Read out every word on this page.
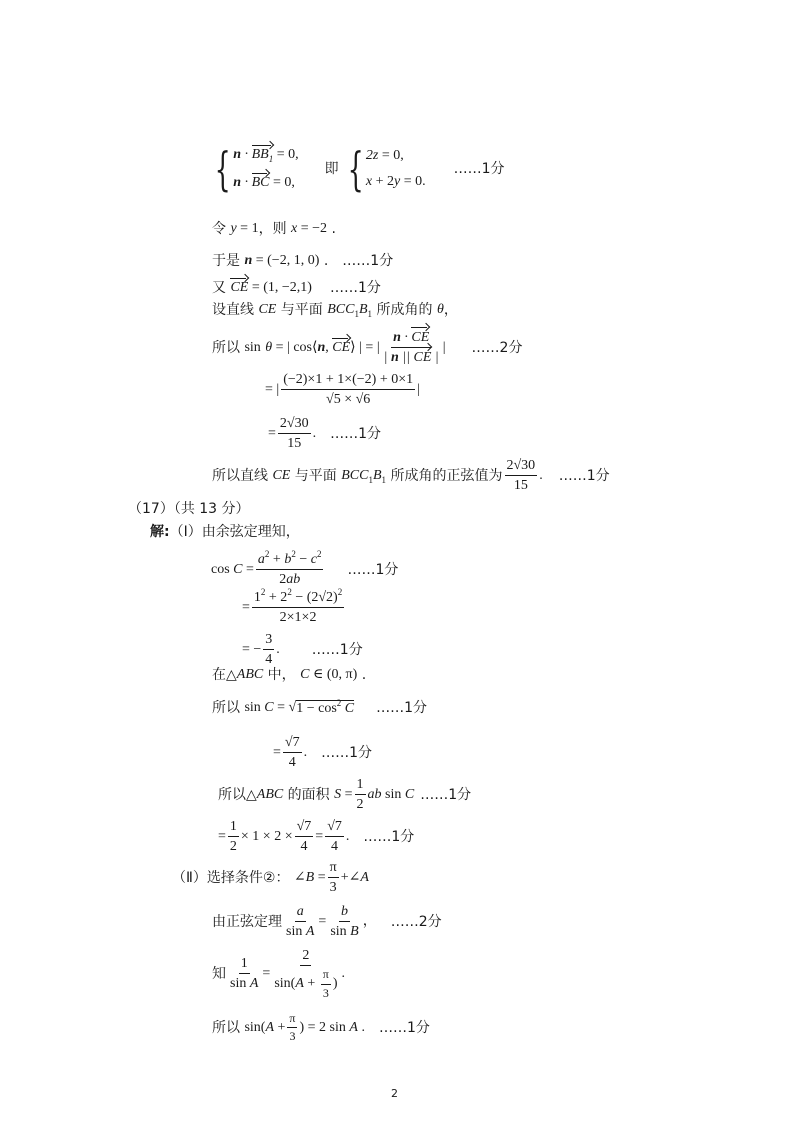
{ $n \cdot BB_1 = 0$,
n · BC = 0,
即 { 2z = 0,
x + 2y = 0.
……1分
令 y = 1 ，则 x = −2 .
于是 n = (−2, 1, 0) . ……1分
又 CE = (1, −2,1) ……1分
设直线 CE 与平面 $BCC_1B_1$ 所成角的 θ ，
所以 sin
θ = | cos⟨ n , CE ⟩ | = | $\frac{n \cdot CE}{| n || CE |}$ | ……2分
= | $\frac{(-2)\times 1 + 1\times(-2) + 0\times 1}{√5 \times √6}$ |
= $\frac{2√30}{15}$ . ……1分
所以直线 CE 与平面 $BCC_1B_1$ 所成角的正弦值为 $\frac{2√30}{15}$ . ……1分
（17）（共 13 分）
解: （Ⅰ）由余弦定理知，
$\cos C = \frac{a^2 + b^2 - c^2}{2ab}$ ……1分
= $\frac{1^2 + 2^2 - (2√2)^2}{2\times 1\times 2}$
= − $\frac{3}{4}$ . ……1分
在△ ABC 中， C ∈ (0, π) .
所以 sin C = √ $1 - \cos^2 C$ ……1分
= $\frac{√7}{4}$ . ……1分
所以△ ABC 的面积 $S = \frac{1}{2}$ ab sin C ……1分
= $\frac{1}{2} \times 1 \times 2 \times \frac{√7}{4} = \frac{√7}{4}$ . ……1分
（Ⅱ）选择条件②： ∠ $B = \frac{\pi}{3}$ +∠ A
由正弦定理 $\frac{a}{\text{sin A}} = \frac{b}{\text{sin B}}$ ， ……2分
知 $\frac{1}{\text{sin A}} = \frac{2}{\sin( A + \frac{\pi}{3} )}$ .
所以 sin( $A + \frac{\pi}{3}$ ) = 2 sin A . ……1分
2
